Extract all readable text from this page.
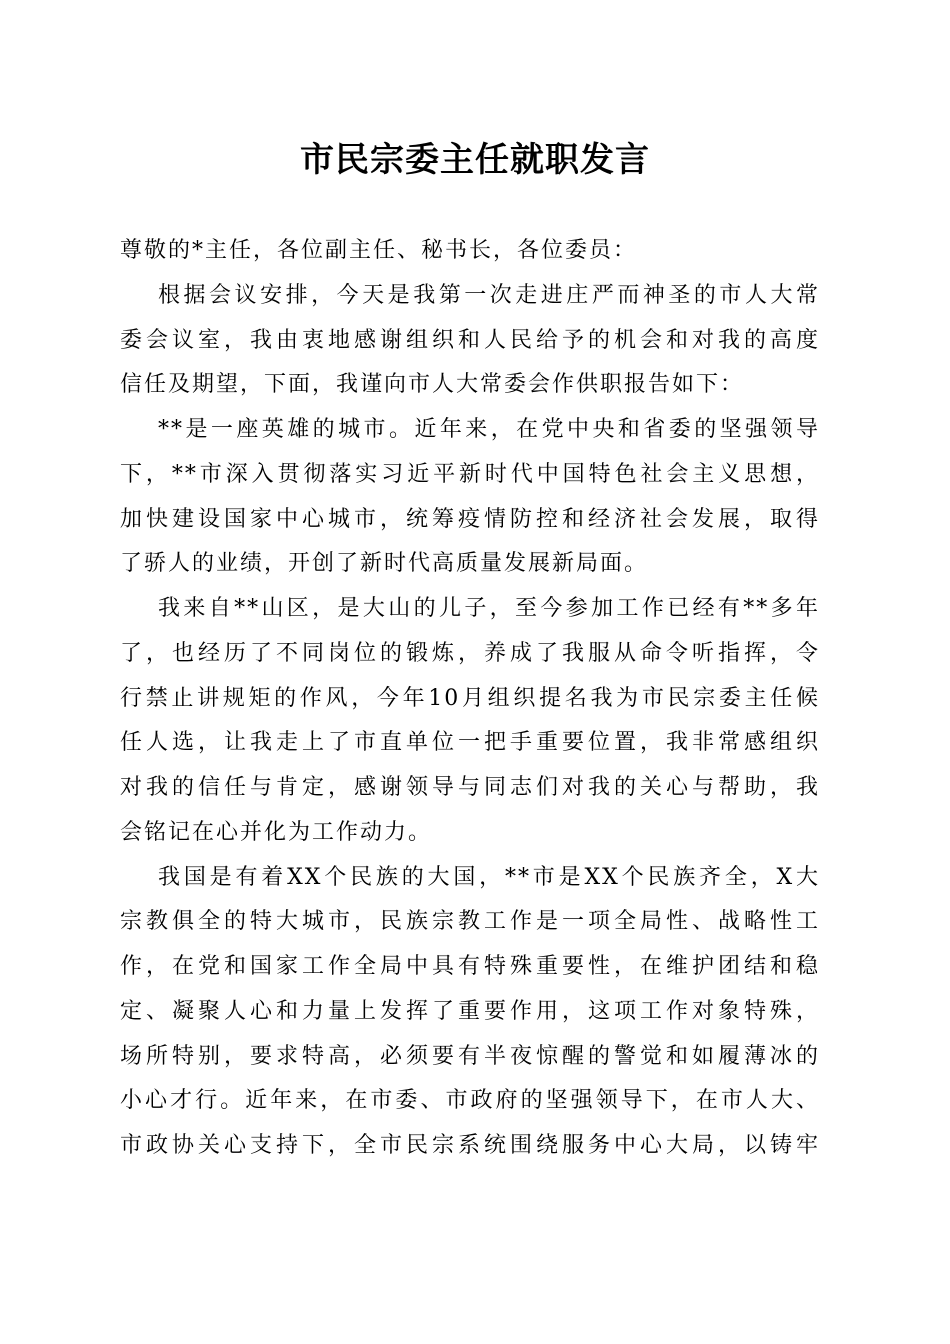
市民宗委主任就职发言
尊敬的*主任，各位副主任、秘书长，各位委员：
根据会议安排，今天是我第一次走进庄严而神圣的市人大常
委会议室，我由衷地感谢组织和人民给予的机会和对我的高度
信任及期望，下面，我谨向市人大常委会作供职报告如下：
**是一座英雄的城市。近年来，在党中央和省委的坚强领导
下，**市深入贯彻落实习近平新时代中国特色社会主义思想，
加快建设国家中心城市，统筹疫情防控和经济社会发展，取得
了骄人的业绩，开创了新时代高质量发展新局面。
我来自**山区，是大山的儿子，至今参加工作已经有**多年
了，也经历了不同岗位的锻炼，养成了我服从命令听指挥，令
行禁止讲规矩的作风，今年10月组织提名我为市民宗委主任候
任人选，让我走上了市直单位一把手重要位置，我非常感组织
对我的信任与肯定，感谢领导与同志们对我的关心与帮助，我
会铭记在心并化为工作动力。
我国是有着XX个民族的大国，**市是XX个民族齐全，X大
宗教俱全的特大城市，民族宗教工作是一项全局性、战略性工
作，在党和国家工作全局中具有特殊重要性，在维护团结和稳
定、凝聚人心和力量上发挥了重要作用，这项工作对象特殊，
场所特别，要求特高，必须要有半夜惊醒的警觉和如履薄冰的
小心才行。近年来，在市委、市政府的坚强领导下，在市人大、
市政协关心支持下，全市民宗系统围绕服务中心大局，以铸牢
